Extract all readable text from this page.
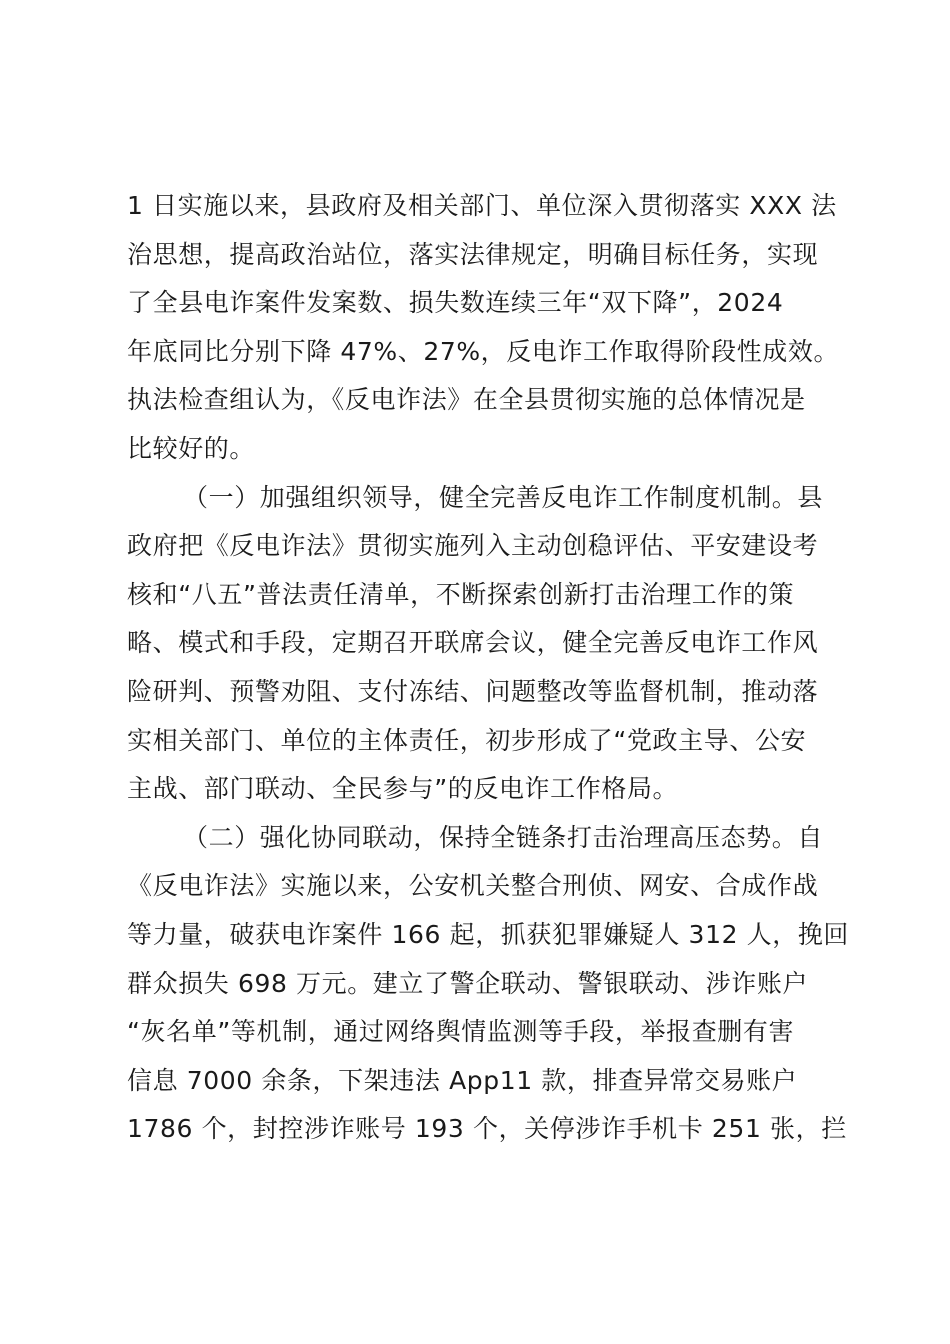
1 日实施以来，县政府及相关部门、单位深入贯彻落实 XXX 法
治思想，提高政治站位，落实法律规定，明确目标任务，实现
了全县电诈案件发案数、损失数连续三年“双下降”，2024
年底同比分别下降 47%、27%，反电诈工作取得阶段性成效。
执法检查组认为，《反电诈法》在全县贯彻实施的总体情况是
比较好的。
（一）加强组织领导，健全完善反电诈工作制度机制。县
政府把《反电诈法》贯彻实施列入主动创稳评估、平安建设考
核和“八五”普法责任清单，不断探索创新打击治理工作的策
略、模式和手段，定期召开联席会议，健全完善反电诈工作风
险研判、预警劝阻、支付冻结、问题整改等监督机制，推动落
实相关部门、单位的主体责任，初步形成了“党政主导、公安
主战、部门联动、全民参与”的反电诈工作格局。
（二）强化协同联动，保持全链条打击治理高压态势。自
《反电诈法》实施以来，公安机关整合刑侦、网安、合成作战
等力量，破获电诈案件 166 起，抓获犯罪嫌疑人 312 人，挽回
群众损失 698 万元。建立了警企联动、警银联动、涉诈账户
“灰名单”等机制，通过网络舆情监测等手段，举报查删有害
信息 7000 余条，下架违法 App11 款，排查异常交易账户
1786 个，封控涉诈账号 193 个，关停涉诈手机卡 251 张，拦
